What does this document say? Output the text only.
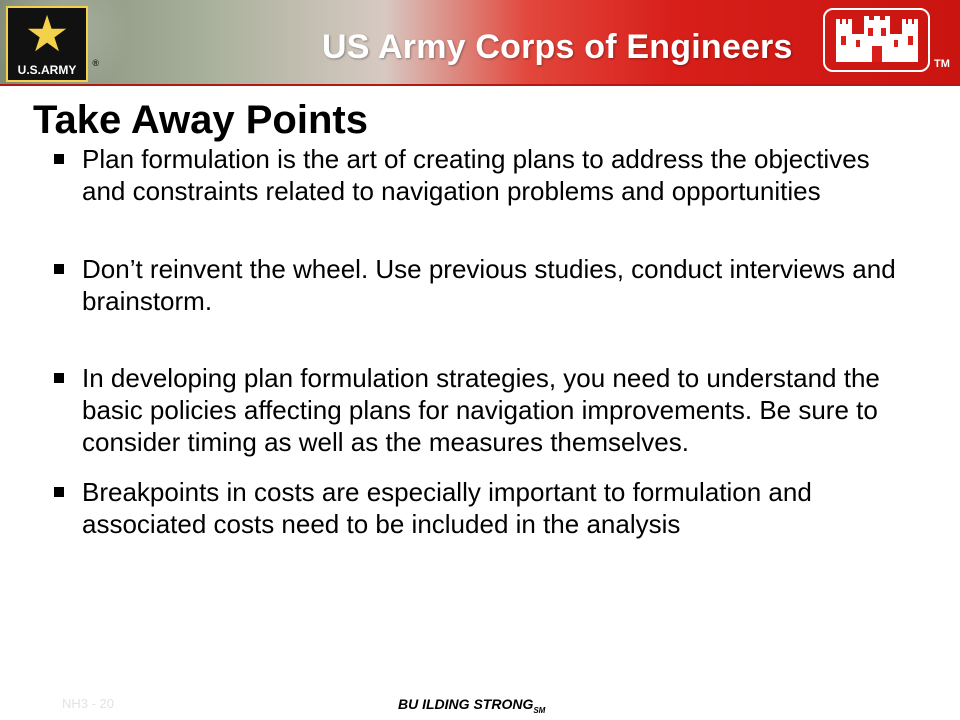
★
U.S.ARMY	®	US Army Corps of Engineers	TM
Take Away Points
Plan formulation is the art of creating plans to address the objectives and constraints related to navigation problems and opportunities
Don’t reinvent the wheel. Use previous studies, conduct interviews and brainstorm.
In developing plan formulation strategies, you need to understand the basic policies affecting plans for navigation improvements. Be sure to consider timing as well as the measures themselves.
Breakpoints in costs are especially important to formulation and associated costs need to be included in the analysis
NH3 - 20	BU ILDING $STRONG_{SM}$
